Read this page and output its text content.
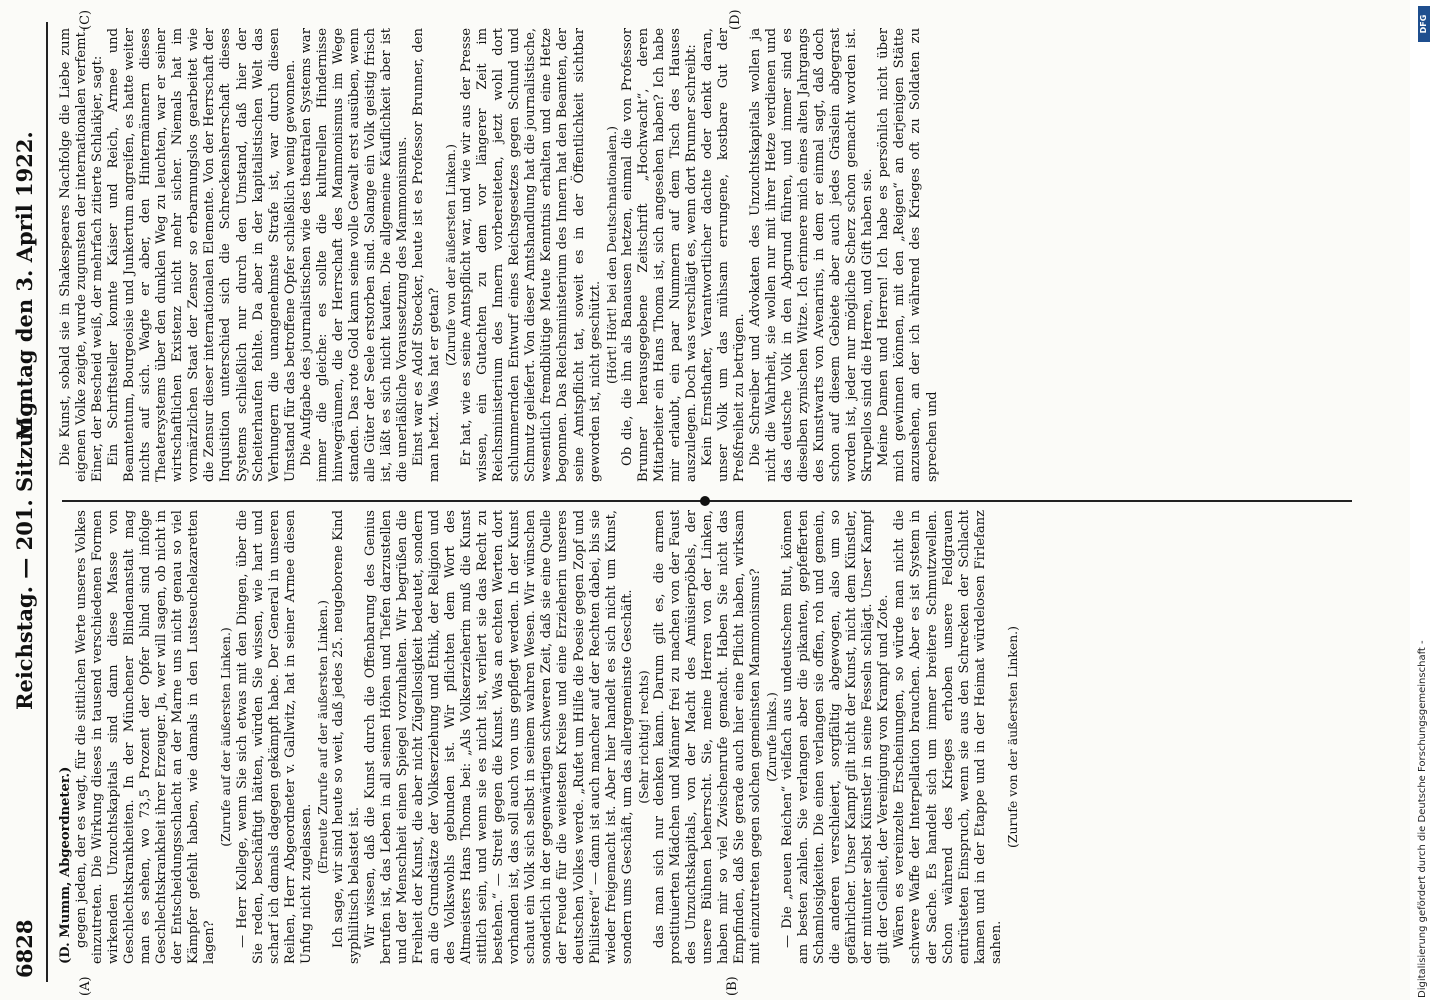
6828
Reichstag. — 201. Sitzung.
Montag den 3. April 1922.
(A)	(B)
(C)	(D)

(D. Mumm, Abgeordneter.) gegen jeden, der es wagt, für die sittlichen Werte unseres Volkes einzutreten. Die Wirkung dieses in tausend verschiedenen Formen wirkenden Unzuchtskapitals sind dann diese Masse von Geschlechtskrankheiten. In der Münchener Blindenanstalt mag man es sehen, wo 73,5 Prozent der Opfer blind sind infolge Geschlechtskrankheit ihrer Erzeuger. Ja, wer will sagen, ob nicht in der Entscheidungsschlacht an der Marne uns nicht genau so viel Kämpfer gefehlt haben, wie damals in den Lustseuchelazaretten lagen?

(Zurufe auf der äußersten Linken.) — Herr Kollege, wenn Sie sich etwas mit den Dingen, über die Sie reden, beschäftigt hätten, würden Sie wissen, wie hart und scharf ich damals dagegen gekämpft habe. Der General in unseren Reihen, Herr Abgeordneter v. Gallwitz, hat in seiner Armee diesen Unfug nicht zugelassen.

(Erneute Zurufe auf der äußersten Linken.) Ich sage, wir sind heute so weit, daß jedes 25. neugeborene Kind syphilitisch belastet ist. Wir wissen, daß die Kunst durch die Offenbarung des Genius berufen ist, das Leben in all seinen Höhen und Tiefen darzustellen und der Menschheit einen Spiegel vorzuhalten. Wir begrüßen die Freiheit der Kunst, die aber nicht Zügellosigkeit bedeutet, sondern an die Grundsätze der Volkserziehung und Ethik, der Religion und des Volkswohls gebunden ist. Wir pflichten dem Wort des Altmeisters Hans Thoma bei: „Als Volkserzieherin muß die Kunst sittlich sein, und wenn sie es nicht ist, verliert sie das Recht zu bestehen.“ — Streit gegen die Kunst. Was an echten Werten dort vorhanden ist, das soll auch von uns gepflegt werden. In der Kunst schaut ein Volk sich selbst in seinem wahren Wesen. Wir wünschen sonderlich in der gegenwärtigen schweren Zeit, daß sie eine Quelle der Freude für die weitesten Kreise und eine Erzieherin unseres deutschen Volkes werde. „Rufet um Hilfe die Poesie gegen Zopf und Philisterei“ — dann ist auch mancher auf der Rechten dabei, bis sie wieder freigemacht ist. Aber hier handelt es sich nicht um Kunst, sondern ums Geschäft, um das allergemeinste Geschäft. (Sehr richtig! rechts) das man sich nur denken kann. Darum gilt es, die armen prostituierten Mädchen und Männer frei zu machen von der Faust des Unzuchtskapitals, von der Macht des Amüsierpöbels, der unsere Bühnen beherrscht. Sie, meine Herren von der Linken, haben mir so viel Zwischenrufe gemacht. Haben Sie nicht das Empfinden, daß Sie gerade auch hier eine Pflicht haben, wirksam mit einzutreten gegen solchen gemeinsten Mammonismus? (Zurufe links.) — Die „neuen Reichen“ vielfach aus undeutschem Blut, können am besten zahlen. Sie verlangen aber die pikanten, gepfefferten Schamlosigkeiten. Die einen verlangen sie offen, roh und gemein, die anderen verschleiert, sorgfältig abgewogen, also um so gefährlicher. Unser Kampf gilt nicht der Kunst, nicht dem Künstler, der mitunter selbst Künstler in seine Fesseln schlägt. Unser Kampf gilt der Geilheit, der Vereinigung von Krampf und Zote. Wären es vereinzelte Erscheinungen, so würde man nicht die schwere Waffe der Interpellation brauchen. Aber es ist System in der Sache. Es handelt sich um immer breitere Schmutzwellen. Schon während des Krieges erhoben unsere Feldgrauen entrüsteten Einspruch, wenn sie aus den Schrecken der Schlacht kamen und in der Etappe und in der Heimat würdelosen Firlefanz sahen.

(Zurufe von der äußersten Linken.)

Die Kunst, sobald sie in Shakespeares Nachfolge die Liebe zum eigenen Volke zeigte, wurde zugunsten der internationalen verfemt. Einer, der Bescheid weiß, der mehrfach zitierte Schlaikjer, sagt: Ein Schriftsteller konnte Kaiser und Reich, Armee und Beamtentum, Bourgeoisie und Junkertum angreifen, es hatte weiter nichts auf sich. Wagte er aber, den Hintermännern dieses Theatersystems über den dunklen Weg zu leuchten, war er seiner wirtschaftlichen Existenz nicht mehr sicher. Niemals hat im vormärzlichen Staat der Zensor so erbarmungslos gearbeitet wie die Zensur dieser internationalen Elemente. Von der Herrschaft der Inquisition unterschied sich die Schreckensherrschaft dieses Systems schließlich nur durch den Umstand, daß hier der Scheiterhaufen fehlte. Da aber in der kapitalistischen Welt das Verhungern die unangenehmste Strafe ist, war durch diesen Umstand für das betroffene Opfer schließlich wenig gewonnen. Die Aufgabe des journalistischen wie des theatralen Systems war immer die gleiche: es sollte die kulturellen Hindernisse hinwegräumen, die der Herrschaft des Mammonismus im Wege standen. Das rote Gold kann seine volle Gewalt erst ausüben, wenn alle Güter der Seele erstorben sind. Solange ein Volk geistig frisch ist, läßt es sich nicht kaufen. Die allgemeine Käuflichkeit aber ist die unerläßliche Voraussetzung des Mammonismus. Einst war es Adolf Stoecker, heute ist es Professor Brunner, den man hetzt. Was hat er getan?

(Zurufe von der äußersten Linken.) Er hat, wie es seine Amtspflicht war, und wie wir aus der Presse wissen, ein Gutachten zu dem vor längerer Zeit im Reichsministerium des Innern vorbereiteten, jetzt wohl dort schlummernden Entwurf eines Reichsgesetzes gegen Schund und Schmutz geliefert. Von dieser Amtshandlung hat die journalistische, wesentlich fremdblütige Meute Kenntnis erhalten und eine Hetze begonnen. Das Reichsministerium des Innern hat den Beamten, der seine Amtspflicht tat, soweit es in der Öffentlichkeit sichtbar geworden ist, nicht geschützt. (Hört! Hört! bei den Deutschnationalen.) Ob die, die ihn als Banausen hetzen, einmal die von Professor Brunner herausgegebene Zeitschrift „Hochwacht“, deren Mitarbeiter ein Hans Thoma ist, sich angesehen haben? Ich habe mir erlaubt, ein paar Nummern auf dem Tisch des Hauses auszulegen. Doch was verschlägt es, wenn dort Brunner schreibt: Kein Ernsthafter, Verantwortlicher dachte oder denkt daran, unser Volk um das mühsam errungene, kostbare Gut der Preßfreiheit zu betrügen. Die Schreiber und Advokaten des Unzuchtskapitals wollen ja nicht die Wahrheit, sie wollen nur mit ihrer Hetze verdienen und das deutsche Volk in den Abgrund führen, und immer sind es dieselben zynischen Witze. Ich erinnere mich eines alten Jahrgangs des Kunstwarts von Avenarius, in dem er einmal sagt, daß doch schon auf diesem Gebiete aber auch jedes Gräslein abgegrast worden ist, jeder nur mögliche Scherz schon gemacht worden ist. Skrupellos sind die Herren, und Gift haben sie. Meine Damen und Herren! Ich habe es persönlich nicht über mich gewinnen können, mit den „Reigen“ an derjenigen Stätte anzusehen, an der ich während des Krieges oft zu Soldaten zu sprechen und

DFG
Digitalisierung gefördert durch die Deutsche Forschungsgemeinschaft -
